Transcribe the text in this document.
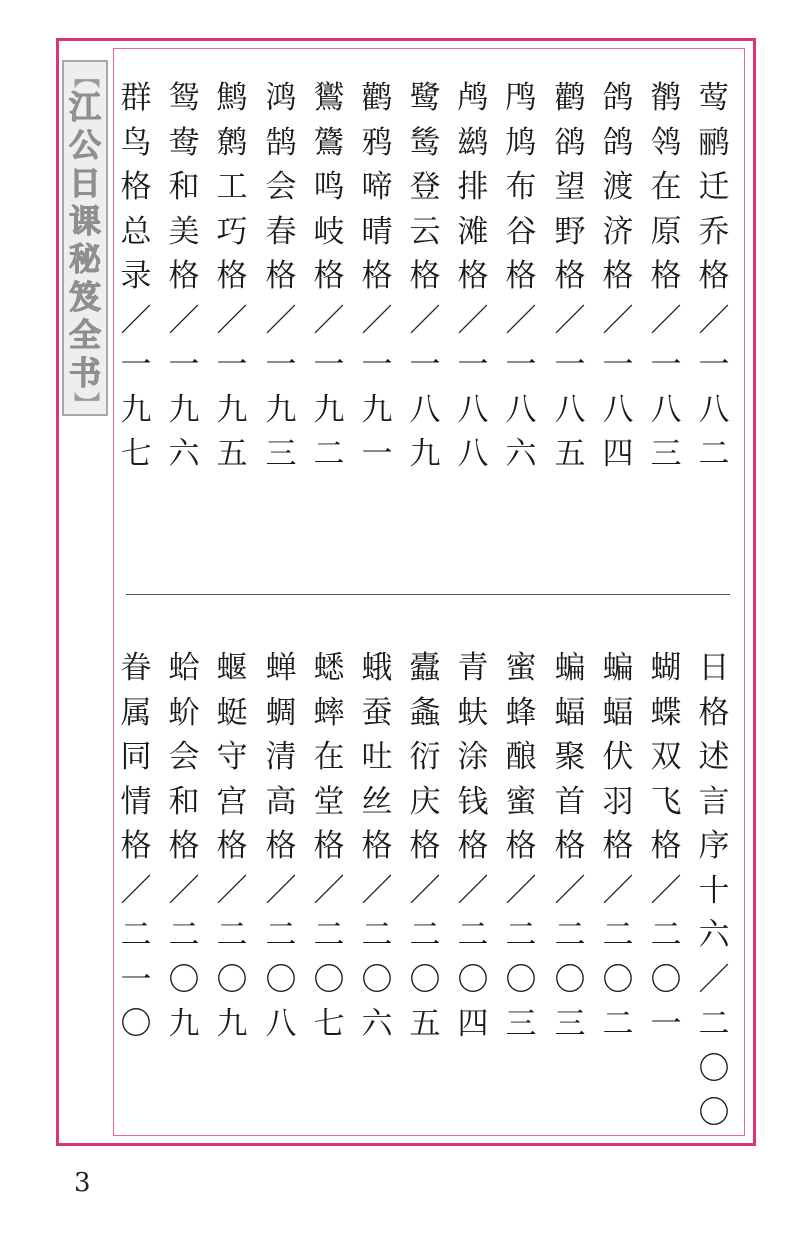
【
江公日课秘笈全书
】
莺鹂迁乔格／一八二
鹡鸰在原格／一八三
鸽鸽渡济格／一八四
鹳鹆望野格／一八五
鸤鸠布谷格／一八六
鸬鹚排滩格／一八八
鹭鸶登云格／一八九
鹳鸦啼晴格／一九一
鸑鷟鸣岐格／一九二
鸿鹄会春格／一九三
鹪鹩工巧格／一九五
鸳鸯和美格／一九六
群鸟格总录／一九七
日格述言序十六／二〇〇
蝴蝶双飞格／二〇一
蝙蝠伏羽格／二〇二
蝙蝠聚首格／二〇三
蜜蜂酿蜜格／二〇三
青蚨涂钱格／二〇四
蠹螽衍庆格／二〇五
蛾蚕吐丝格／二〇六
蟋蟀在堂格／二〇七
蝉蜩清高格／二〇八
蝘蜓守宫格／二〇九
蛤蚧会和格／二〇九
眷属同情格／二一〇
3
